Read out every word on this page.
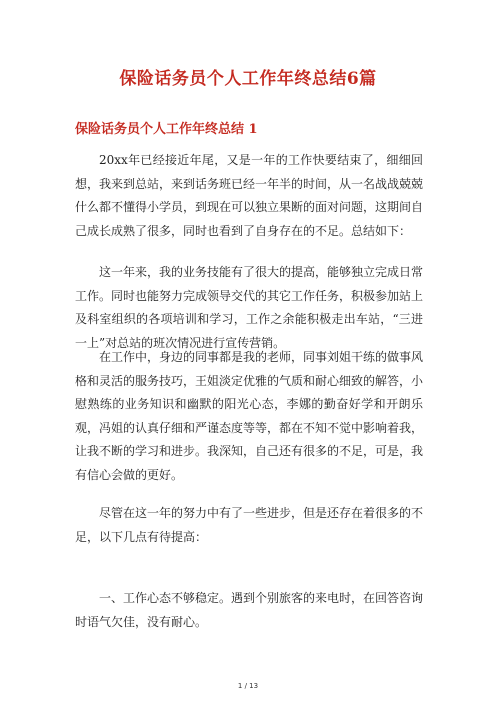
保险话务员个人工作年终总结6篇
保险话务员个人工作年终总结 1

20xx年已经接近年尾，又是一年的工作快要结束了，细细回想，我来到总站，来到话务班已经一年半的时间，从一名战战兢兢什么都不懂得小学员，到现在可以独立果断的面对问题，这期间自己成长成熟了很多，同时也看到了自身存在的不足。总结如下：

这一年来，我的业务技能有了很大的提高，能够独立完成日常工作。同时也能努力完成领导交代的其它工作任务，积极参加站上及科室组织的各项培训和学习，工作之余能积极走出车站，“三进一上”对总站的班次情况进行宣传营销。

在工作中，身边的同事都是我的老师，同事刘姐干练的做事风格和灵活的服务技巧，王姐淡定优雅的气质和耐心细致的解答，小慰熟练的业务知识和幽默的阳光心态，李娜的勤奋好学和开朗乐观，冯姐的认真仔细和严谨态度等等，都在不知不觉中影响着我，让我不断的学习和进步。我深知，自己还有很多的不足，可是，我有信心会做的更好。

尽管在这一年的努力中有了一些进步，但是还存在着很多的不足，以下几点有待提高：

一、工作心态不够稳定。遇到个别旅客的来电时，在回答咨询时语气欠佳，没有耐心。

1 / 13
